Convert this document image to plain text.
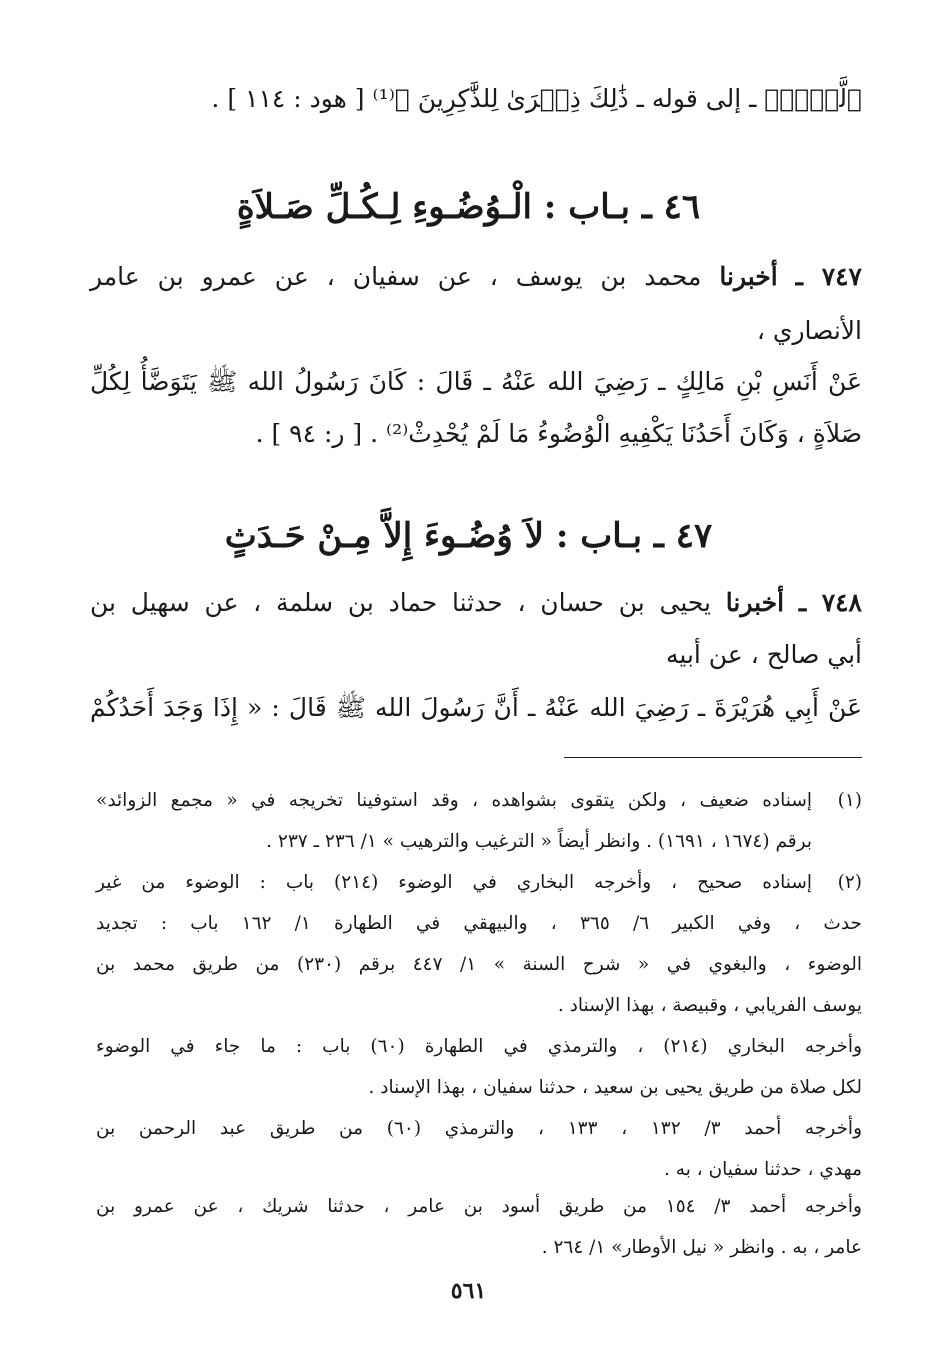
ٱلَّيۡلِۚ ـ إلى قوله ـ ذَٰلِكَ ذِكۡرَىٰ لِلذَّٰكِرِينَ ﴾⁽¹⁾ [ هود : ١١٤ ] .
٤٦ ـ بـاب : الْـوُضُـوءِ لِـكُـلِّ صَـلاَةٍ
٧٤٧ ـ أخبرنا محمد بن يوسف ، عن سفيان ، عن عمرو بن عامر
الأنصاري ،
عَنْ أَنَسِ بْنِ مَالِكٍ ـ رَضِيَ الله عَنْهُ ـ قَالَ : كَانَ رَسُولُ الله ﷺ يَتَوَضَّأُ لِكُلِّ
صَلاَةٍ ، وَكَانَ أَحَدُنَا يَكْفِيهِ الْوُضُوءُ مَا لَمْ يُحْدِثْ⁽²⁾ . [ ر: ٩٤ ] .
٤٧ ـ بـاب : لاَ وُضُـوءَ إِلاَّ مِـنْ حَـدَثٍ
٧٤٨ ـ أخبرنا يحيى بن حسان ، حدثنا حماد بن سلمة ، عن سهيل بن
أبي صالح ، عن أبيه
عَنْ أَبِي هُرَيْرَةَ ـ رَضِيَ الله عَنْهُ ـ أَنَّ رَسُولَ الله ﷺ قَالَ : « إِذَا وَجَدَ أَحَدُكُمْ
(١)
إسناده ضعيف ، ولكن يتقوى بشواهده ، وقد استوفينا تخريجه في « مجمع الزوائد»
برقم (١٦٧٤ ، ١٦٩١) . وانظر أيضاً « الترغيب والترهيب » ١/ ٢٣٦ ـ ٢٣٧ .
(٢)
إسناده صحيح ، وأخرجه البخاري في الوضوء (٢١٤) باب : الوضوء من غير
حدث ، وفي الكبير ٦/ ٣٦٥ ، والبيهقي في الطهارة ١/ ١٦٢ باب : تجديد
الوضوء ، والبغوي في « شرح السنة » ١/ ٤٤٧ برقم (٢٣٠) من طريق محمد بن
يوسف الفريابي ، وقبيصة ، بهذا الإسناد .
وأخرجه البخاري (٢١٤) ، والترمذي في الطهارة (٦٠) باب : ما جاء في الوضوء
لكل صلاة من طريق يحيى بن سعيد ، حدثنا سفيان ، بهذا الإسناد .
وأخرجه أحمد ٣/ ١٣٢ ، ١٣٣ ، والترمذي (٦٠) من طريق عبد الرحمن بن
مهدي ، حدثنا سفيان ، به .
وأخرجه أحمد ٣/ ١٥٤ من طريق أسود بن عامر ، حدثنا شريك ، عن عمرو بن
عامر ، به . وانظر « نيل الأوطار» ١/ ٢٦٤ .
٥٦١
